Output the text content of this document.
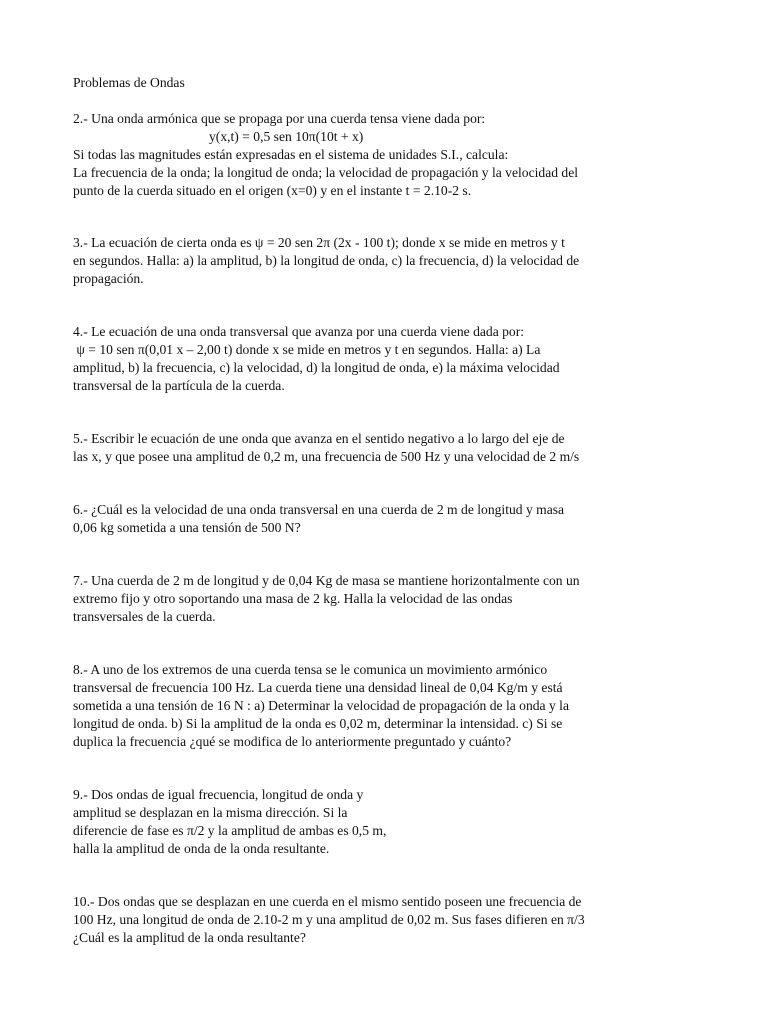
Problemas de Ondas
2.- Una onda armónica que se propaga por una cuerda tensa viene dada por:
y(x,t) = 0,5 sen 10π(10t + x)
Si todas las magnitudes están expresadas en el sistema de unidades S.I., calcula:
La frecuencia de la onda; la longitud de onda; la velocidad de propagación y la velocidad del
punto de la cuerda situado en el origen (x=0) y en el instante t = 2.10-2 s.
3.- La ecuación de cierta onda es ψ = 20 sen 2π (2x - 100 t); donde x se mide en metros y t
en segundos. Halla: a) la amplitud, b) la longitud de onda, c) la frecuencia, d) la velocidad de
propagación.
4.- Le ecuación de una onda transversal que avanza por una cuerda viene dada por:
ψ = 10 sen π(0,01 x – 2,00 t) donde x se mide en metros y t en segundos. Halla: a) La
amplitud, b) la frecuencia, c) la velocidad, d) la longitud de onda, e) la máxima velocidad
transversal de la partícula de la cuerda.
5.- Escribir le ecuación de une onda que avanza en el sentido negativo a lo largo del eje de
las x, y que posee una amplitud de 0,2 m, una frecuencia de 500 Hz y una velocidad de 2 m/s
6.- ¿Cuál es la velocidad de una onda transversal en una cuerda de 2 m de longitud y masa
0,06 kg sometida a una tensión de 500 N?
7.- Una cuerda de 2 m de longitud y de 0,04 Kg de masa se mantiene horizontalmente con un
extremo fijo y otro soportando una masa de 2 kg. Halla la velocidad de las ondas
transversales de la cuerda.
8.- A uno de los extremos de una cuerda tensa se le comunica un movimiento armónico
transversal de frecuencia 100 Hz. La cuerda tiene una densidad lineal de 0,04 Kg/m y está
sometida a una tensión de 16 N : a) Determinar la velocidad de propagación de la onda y la
longitud de onda. b) Si la amplitud de la onda es 0,02 m, determinar la intensidad. c) Si se
duplica la frecuencia ¿qué se modifica de lo anteriormente preguntado y cuánto?
9.- Dos ondas de igual frecuencia, longitud de onda y
amplitud se desplazan en la misma dirección. Si la
diferencie de fase es π/2 y la amplitud de ambas es 0,5 m,
halla la amplitud de onda de la onda resultante.
10.- Dos ondas que se desplazan en une cuerda en el mismo sentido poseen une frecuencia de
100 Hz, una longitud de onda de 2.10-2 m y una amplitud de 0,02 m. Sus fases difieren en π/3
¿Cuál es la amplitud de la onda resultante?
